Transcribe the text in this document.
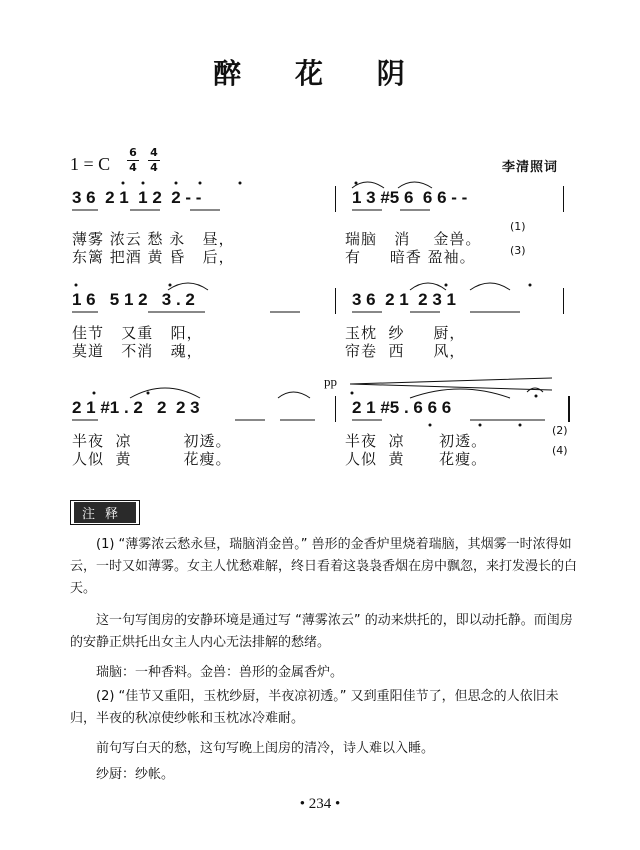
醉 花 阴
1 = C
6
4
4
4	李清照词
3 6  2 1  1 2  2 - -	1 3 #5 6  6 6 - -
薄雾 浓云 愁 永   昼，
东篱 把酒 黄 昏   后，
瑞脑   消    金兽。
有     暗香 盈袖。
(1)
(3)
1 6   5 1 2   3 . 2	3 6  2 1  2 3 1
佳节   又重   阳，
莫道   不消   魂，
玉枕  纱     厨，
帘卷  西     风，
pp
2 1 #1 . 2   2  2 3	2 1 #5 . 6 6 6
半夜  凉         初透。
人似  黄         花瘦。
半夜  凉      初透。
人似  黄      花瘦。
(2)
(4)
注释
(1) “薄雾浓云愁永昼，瑞脑消金兽。” 兽形的金香炉里烧着瑞脑，其烟雾一时浓得如云，一时又如薄雾。女主人忧愁难解，终日看着这袅袅香烟在房中飘忽，来打发漫长的白天。
这一句写闺房的安静环境是通过写 “薄雾浓云” 的动来烘托的，即以动托静。而闺房的安静正烘托出女主人内心无法排解的愁绪。
瑞脑：一种香料。金兽：兽形的金属香炉。
(2) “佳节又重阳，玉枕纱厨，半夜凉初透。” 又到重阳佳节了，但思念的人依旧未归，半夜的秋凉使纱帐和玉枕冰冷难耐。
前句写白天的愁，这句写晚上闺房的清冷，诗人难以入睡。
纱厨：纱帐。
• 234 •
